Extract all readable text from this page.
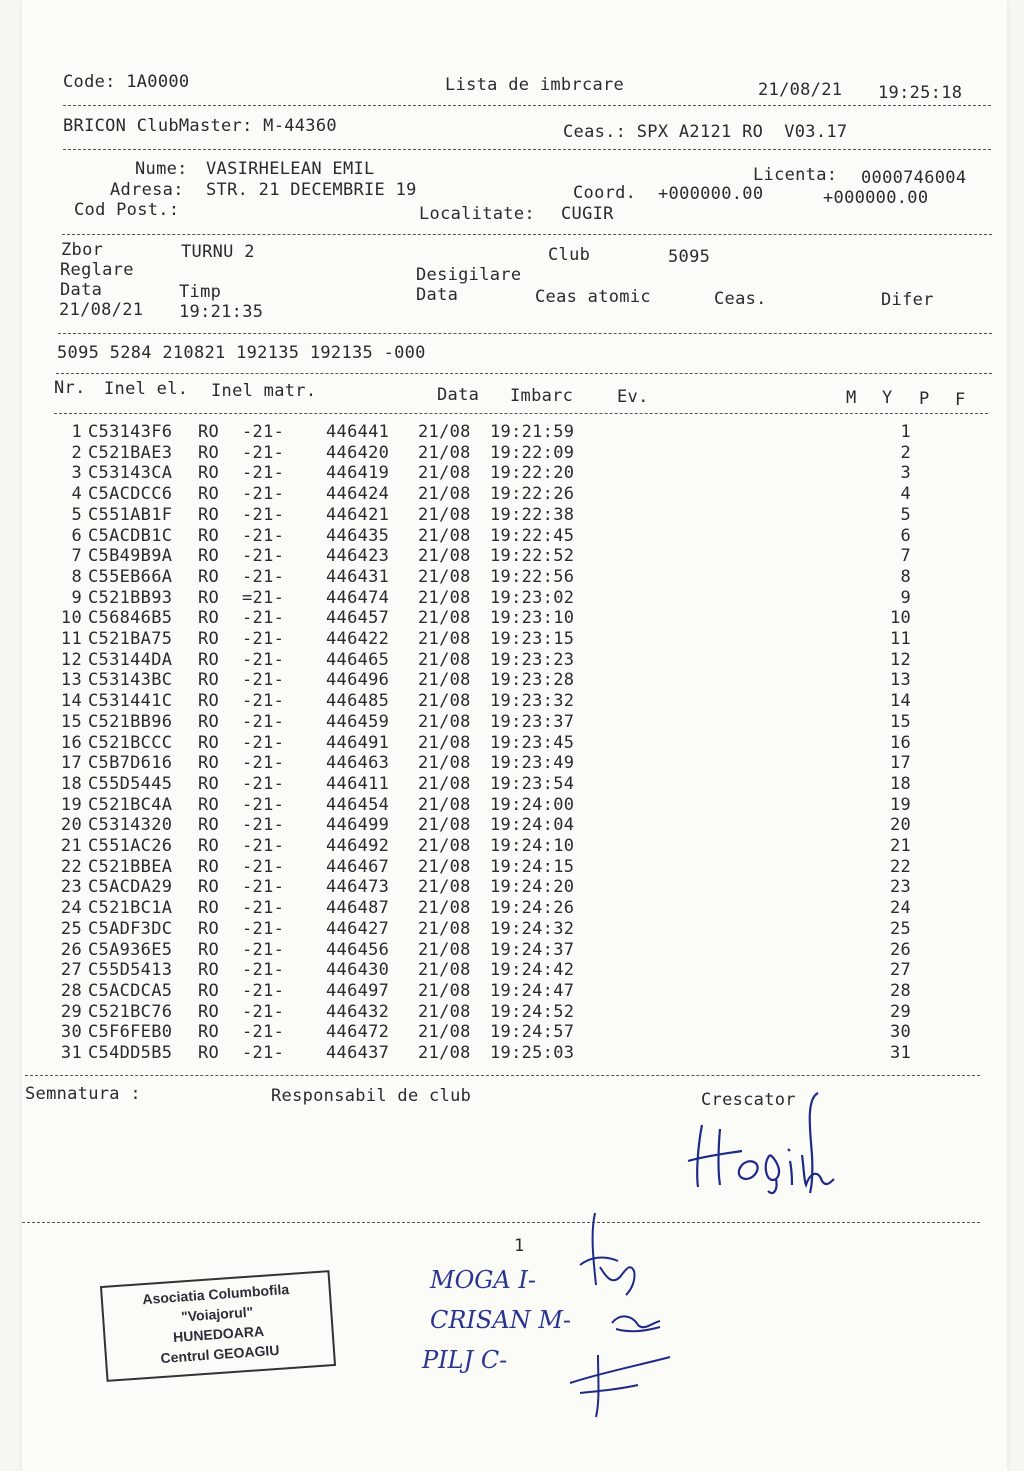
Code: 1A0000	Lista de imbrcare	21/08/21 19:25:18
BRICON ClubMaster: M-44360	Ceas.: SPX A2121 RO  V03.17
Nume: VASIRHELEAN EMIL	Licenta: 0000746004
Adresa: STR. 21 DECEMBRIE 19	Coord. +000000.00	+000000.00
Cod Post.:	Localitate: CUGIR
Zbor	TURNU 2	Club	5095
Reglare	Desigilare
Data	Timp	Data	Ceas atomic	Ceas.	Difer
21/08/21 19:21:35
5095 5284 210821 192135 192135 -000
Nr. Inel el. Inel matr.	Data Imbarc	Ev.	M Y P F
1	C53143F6	RO	-21-	446441	21/08	19:21:59	1
2	C521BAE3	RO	-21-	446420	21/08	19:22:09	2
3	C53143CA	RO	-21-	446419	21/08	19:22:20	3
4	C5ACDCC6	RO	-21-	446424	21/08	19:22:26	4
5	C551AB1F	RO	-21-	446421	21/08	19:22:38	5
6	C5ACDB1C	RO	-21-	446435	21/08	19:22:45	6
7	C5B49B9A	RO	-21-	446423	21/08	19:22:52	7
8	C55EB66A	RO	-21-	446431	21/08	19:22:56	8
9	C521BB93	RO	=21-	446474	21/08	19:23:02	9
10	C56846B5	RO	-21-	446457	21/08	19:23:10	10
11	C521BA75	RO	-21-	446422	21/08	19:23:15	11
12	C53144DA	RO	-21-	446465	21/08	19:23:23	12
13	C53143BC	RO	-21-	446496	21/08	19:23:28	13
14	C531441C	RO	-21-	446485	21/08	19:23:32	14
15	C521BB96	RO	-21-	446459	21/08	19:23:37	15
16	C521BCCC	RO	-21-	446491	21/08	19:23:45	16
17	C5B7D616	RO	-21-	446463	21/08	19:23:49	17
18	C55D5445	RO	-21-	446411	21/08	19:23:54	18
19	C521BC4A	RO	-21-	446454	21/08	19:24:00	19
20	C5314320	RO	-21-	446499	21/08	19:24:04	20
21	C551AC26	RO	-21-	446492	21/08	19:24:10	21
22	C521BBEA	RO	-21-	446467	21/08	19:24:15	22
23	C5ACDA29	RO	-21-	446473	21/08	19:24:20	23
24	C521BC1A	RO	-21-	446487	21/08	19:24:26	24
25	C5ADF3DC	RO	-21-	446427	21/08	19:24:32	25
26	C5A936E5	RO	-21-	446456	21/08	19:24:37	26
27	C55D5413	RO	-21-	446430	21/08	19:24:42	27
28	C5ACDCA5	RO	-21-	446497	21/08	19:24:47	28
29	C521BC76	RO	-21-	446432	21/08	19:24:52	29
30	C5F6FEB0	RO	-21-	446472	21/08	19:24:57	30
31	C54DD5B5	RO	-21-	446437	21/08	19:25:03	31
Semnatura :	Responsabil de club	Crescator
1
Asociatia Columbofila
"Voiajorul"
HUNEDOARA
Centrul GEOAGIU
MOGA I-
CRISAN M-
PILJ C-
